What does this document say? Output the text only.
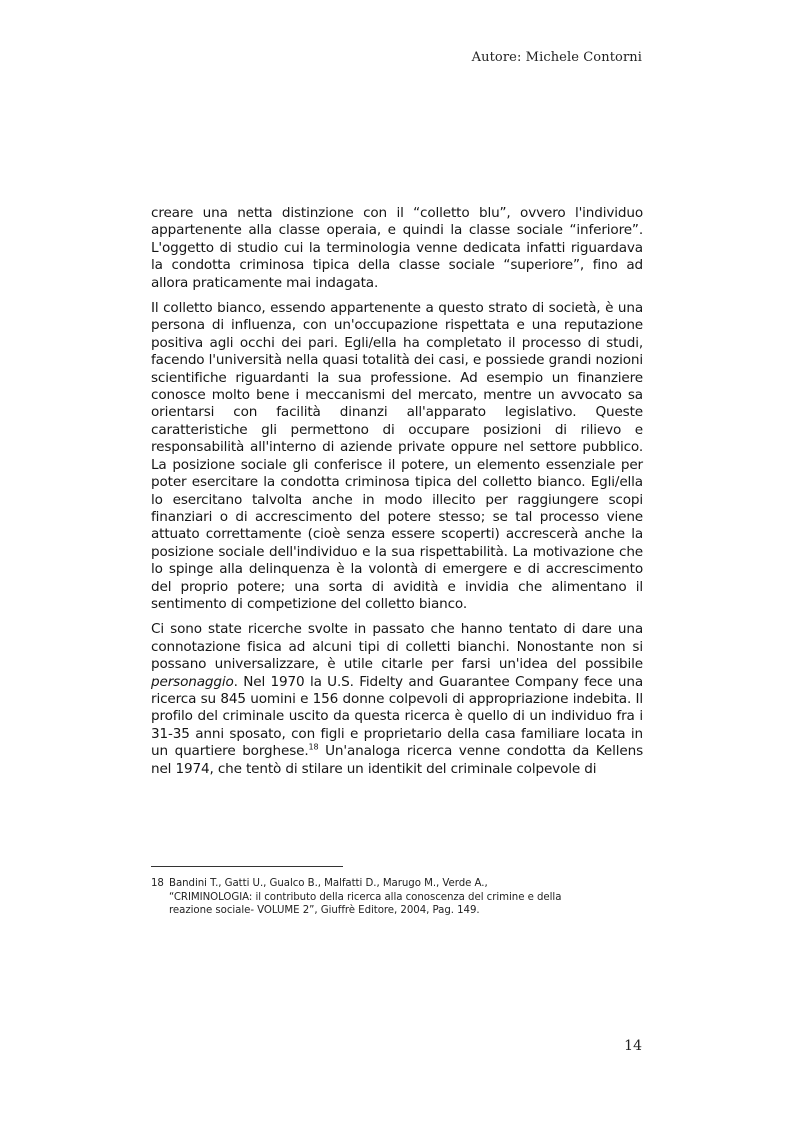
Autore: Michele Contorni

creare una netta distinzione con il “colletto blu”, ovvero l'individuo appartenente alla classe operaia, e quindi la classe sociale “inferiore”. L'oggetto di studio cui la terminologia venne dedicata infatti riguardava la condotta criminosa tipica della classe sociale “superiore”, fino ad allora praticamente mai indagata.

Il colletto bianco, essendo appartenente a questo strato di società, è una persona di influenza, con un'occupazione rispettata e una reputazione positiva agli occhi dei pari. Egli/ella ha completato il processo di studi, facendo l'università nella quasi totalità dei casi, e possiede grandi nozioni scientifiche riguardanti la sua professione. Ad esempio un finanziere conosce molto bene i meccanismi del mercato, mentre un avvocato sa orientarsi con facilità dinanzi all'apparato legislativo. Queste caratteristiche gli permettono di occupare posizioni di rilievo e responsabilità all'interno di aziende private oppure nel settore pubblico. La posizione sociale gli conferisce il potere, un elemento essenziale per poter esercitare la condotta criminosa tipica del colletto bianco. Egli/ella lo esercitano talvolta anche in modo illecito per raggiungere scopi finanziari o di accrescimento del potere stesso; se tal processo viene attuato correttamente (cioè senza essere scoperti) accrescerà anche la posizione sociale dell'individuo e la sua rispettabilità. La motivazione che lo spinge alla delinquenza è la volontà di emergere e di accrescimento del proprio potere; una sorta di avidità e invidia che alimentano il sentimento di competizione del colletto bianco.

Ci sono state ricerche svolte in passato che hanno tentato di dare una connotazione fisica ad alcuni tipi di colletti bianchi. Nonostante non si possano universalizzare, è utile citarle per farsi un'idea del possibile personaggio. Nel 1970 la U.S. Fidelty and Guarantee Company fece una ricerca su 845 uomini e 156 donne colpevoli di appropriazione indebita. Il profilo del criminale uscito da questa ricerca è quello di un individuo fra i 31-35 anni sposato, con figli e proprietario della casa familiare locata in un quartiere borghese.$^{18}$ Un'analoga ricerca venne condotta da Kellens nel 1974, che tentò di stilare un identikit del criminale colpevole di

18 Bandini T., Gatti U., Gualco B., Malfatti D., Marugo M., Verde A.,
“CRIMINOLOGIA: il contributo della ricerca alla conoscenza del crimine e della
reazione sociale- VOLUME 2”, Giuffrè Editore, 2004, Pag. 149.
14
